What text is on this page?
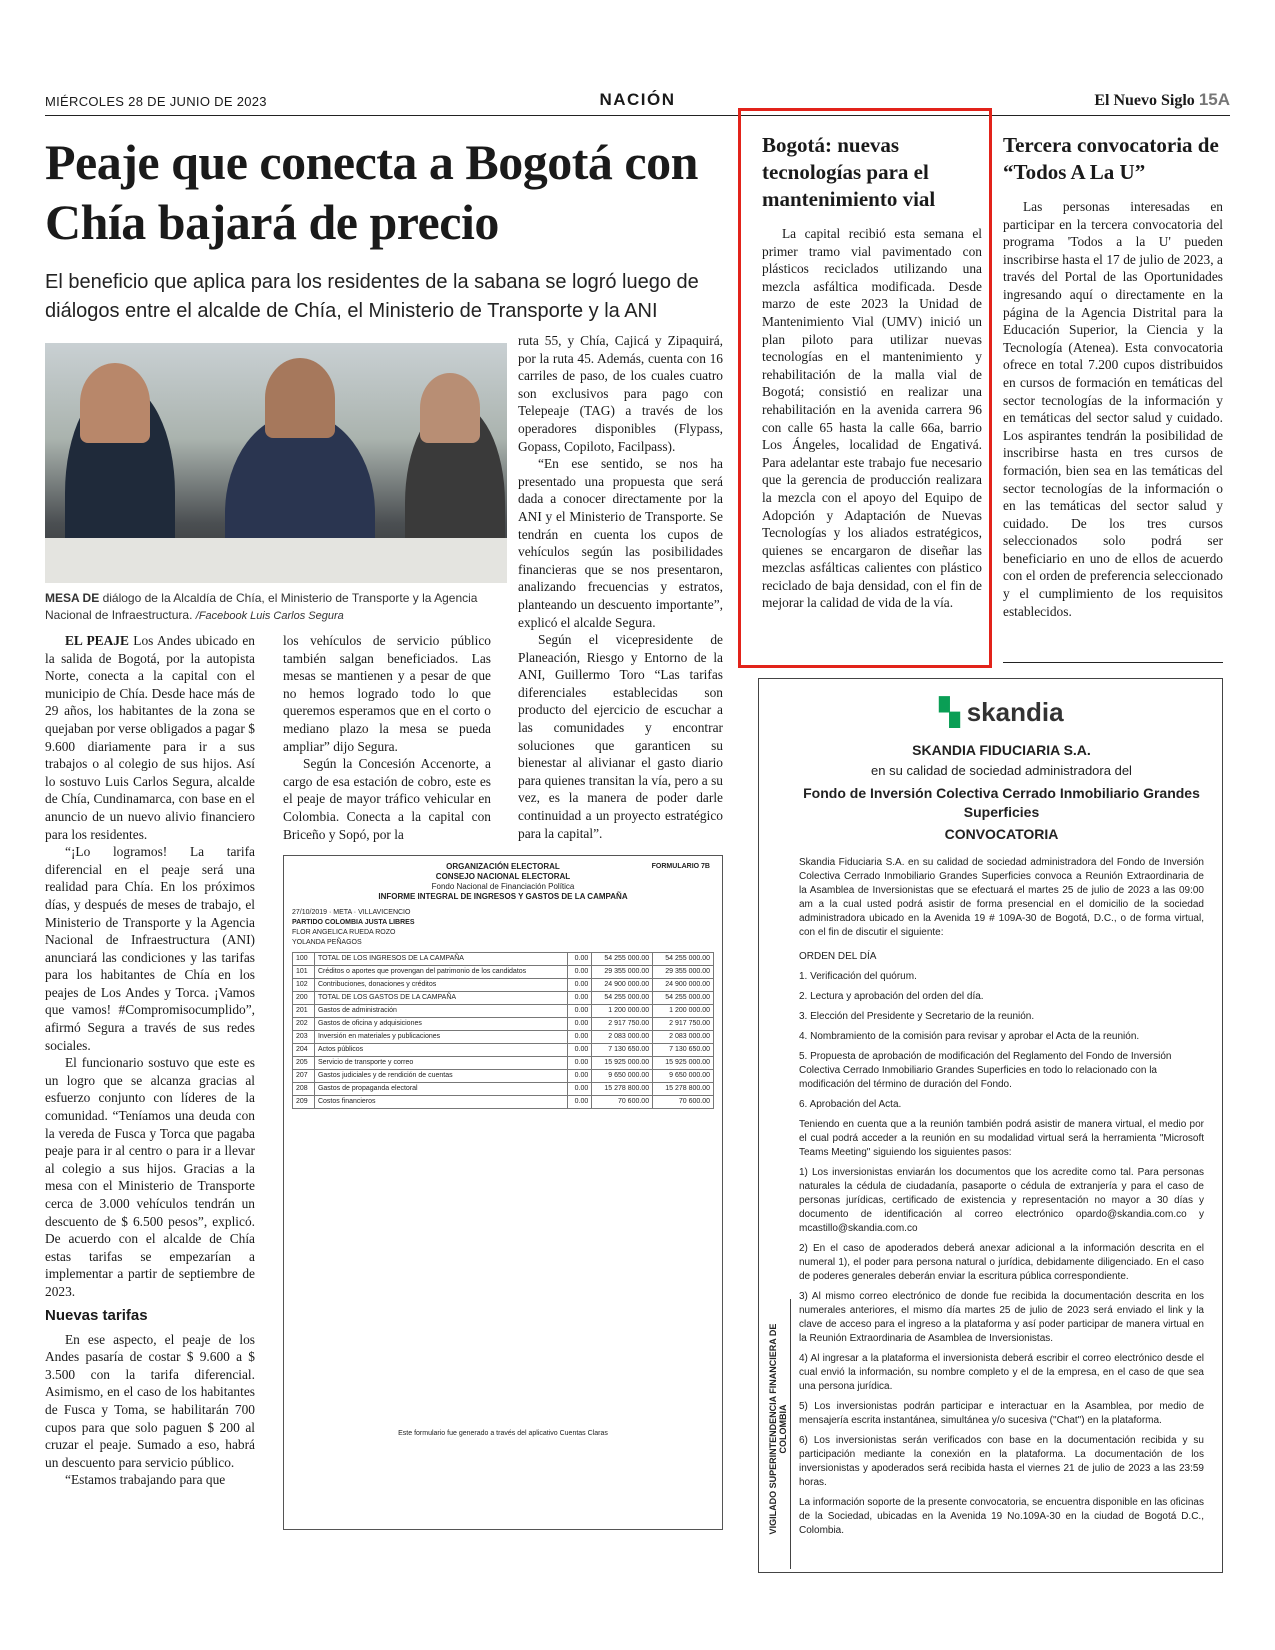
MIÉRCOLES 28 DE JUNIO DE 2023	NACIÓN	El Nuevo Siglo 15A
Peaje que conecta a Bogotá con Chía bajará de precio
El beneficio que aplica para los residentes de la sabana se logró luego de diálogos entre el alcalde de Chía, el Ministerio de Transporte y la ANI
MESA DE diálogo de la Alcaldía de Chía, el Ministerio de Transporte y la Agencia Nacional de Infraestructura. /Facebook Luis Carlos Segura

EL PEAJE Los Andes ubicado en la salida de Bogotá, por la autopista Norte, conecta a la capital con el municipio de Chía. Desde hace más de 29 años, los habitantes de la zona se quejaban por verse obligados a pagar $ 9.600 diariamente para ir a sus trabajos o al colegio de sus hijos. Así lo sostuvo Luis Carlos Segura, alcalde de Chía, Cundinamarca, con base en el anuncio de un nuevo alivio financiero para los residentes.

“¡Lo logramos! La tarifa diferencial en el peaje será una realidad para Chía. En los próximos días, y después de meses de trabajo, el Ministerio de Transporte y la Agencia Nacional de Infraestructura (ANI) anunciará las condiciones y las tarifas para los habitantes de Chía en los peajes de Los Andes y Torca. ¡Vamos que vamos! #Compromisocumplido”, afirmó Segura a través de sus redes sociales.

El funcionario sostuvo que este es un logro que se alcanza gracias al esfuerzo conjunto con líderes de la comunidad. “Teníamos una deuda con la vereda de Fusca y Torca que pagaba peaje para ir al centro o para ir a llevar al colegio a sus hijos. Gracias a la mesa con el Ministerio de Transporte cerca de 3.000 vehículos tendrán un descuento de $ 6.500 pesos”, explicó. De acuerdo con el alcalde de Chía estas tarifas se empezarían a implementar a partir de septiembre de 2023.

Nuevas tarifas

En ese aspecto, el peaje de los Andes pasaría de costar $ 9.600 a $ 3.500 con la tarifa diferencial. Asimismo, en el caso de los habitantes de Fusca y Toma, se habilitarán 700 cupos para que solo paguen $ 200 al cruzar el peaje. Sumado a eso, habrá un descuento para servicio público.

“Estamos trabajando para que

los vehículos de servicio público también salgan beneficiados. Las mesas se mantienen y a pesar de que no hemos logrado todo lo que queremos esperamos que en el corto o mediano plazo la mesa se pueda ampliar” dijo Segura.

Según la Concesión Accenorte, a cargo de esa estación de cobro, este es el peaje de mayor tráfico vehicular en Colombia. Conecta a la capital con Briceño y Sopó, por la

ruta 55, y Chía, Cajicá y Zipaquirá, por la ruta 45. Además, cuenta con 16 carriles de paso, de los cuales cuatro son exclusivos para pago con Telepeaje (TAG) a través de los operadores disponibles (Flypass, Gopass, Copiloto, Facilpass).

“En ese sentido, se nos ha presentado una propuesta que será dada a conocer directamente por la ANI y el Ministerio de Transporte. Se tendrán en cuenta los cupos de vehículos según las posibilidades financieras que se nos presentaron, analizando frecuencias y estratos, planteando un descuento importante”, explicó el alcalde Segura.

Según el vicepresidente de Planeación, Riesgo y Entorno de la ANI, Guillermo Toro “Las tarifas diferenciales establecidas son producto del ejercicio de escuchar a las comunidades y encontrar soluciones que garanticen su bienestar al alivianar el gasto diario para quienes transitan la vía, pero a su vez, es la manera de poder darle continuidad a un proyecto estratégico para la capital”.

ORGANIZACIÓN ELECTORAL
CONSEJO NACIONAL ELECTORAL
FORMULARIO 7B
Fondo Nacional de Financiación Política
INFORME INTEGRAL DE INGRESOS Y GASTOS DE LA CAMPAÑA
27/10/2019 · META · VILLAVICENCIO
PARTIDO COLOMBIA JUSTA LIBRES
FLOR ANGELICA RUEDA ROZO
YOLANDA PEÑAGOS
100	TOTAL DE LOS INGRESOS DE LA CAMPAÑA	0.00	54 255 000.00	54 255 000.00
101	Créditos o aportes que provengan del patrimonio de los candidatos	0.00	29 355 000.00	29 355 000.00
102	Contribuciones, donaciones y créditos	0.00	24 900 000.00	24 900 000.00
200	TOTAL DE LOS GASTOS DE LA CAMPAÑA	0.00	54 255 000.00	54 255 000.00
201	Gastos de administración	0.00	1 200 000.00	1 200 000.00
202	Gastos de oficina y adquisiciones	0.00	2 917 750.00	2 917 750.00
203	Inversión en materiales y publicaciones	0.00	2 083 000.00	2 083 000.00
204	Actos públicos	0.00	7 130 650.00	7 130 650.00
205	Servicio de transporte y correo	0.00	15 925 000.00	15 925 000.00
207	Gastos judiciales y de rendición de cuentas	0.00	9 650 000.00	9 650 000.00
208	Gastos de propaganda electoral	0.00	15 278 800.00	15 278 800.00
209	Costos financieros	0.00	70 600.00	70 600.00
Este formulario fue generado a través del aplicativo Cuentas Claras
Bogotá: nuevas tecnologías para el mantenimiento vial

La capital recibió esta semana el primer tramo vial pavimentado con plásticos reciclados utilizando una mezcla asfáltica modificada. Desde marzo de este 2023 la Unidad de Mantenimiento Vial (UMV) inició un plan piloto para utilizar nuevas tecnologías en el mantenimiento y rehabilitación de la malla vial de Bogotá; consistió en realizar una rehabilitación en la avenida carrera 96 con calle 65 hasta la calle 66a, barrio Los Ángeles, localidad de Engativá. Para adelantar este trabajo fue necesario que la gerencia de producción realizara la mezcla con el apoyo del Equipo de Adopción y Adaptación de Nuevas Tecnologías y los aliados estratégicos, quienes se encargaron de diseñar las mezclas asfálticas calientes con plástico reciclado de baja densidad, con el fin de mejorar la calidad de vida de la vía.

Tercera convocatoria de “Todos A La U”

Las personas interesadas en participar en la tercera convocatoria del programa 'Todos a la U' pueden inscribirse hasta el 17 de julio de 2023, a través del Portal de las Oportunidades ingresando aquí o directamente en la página de la Agencia Distrital para la Educación Superior, la Ciencia y la Tecnología (Atenea). Esta convocatoria ofrece en total 7.200 cupos distribuidos en cursos de formación en temáticas del sector tecnologías de la información y en temáticas del sector salud y cuidado. Los aspirantes tendrán la posibilidad de inscribirse hasta en tres cursos de formación, bien sea en las temáticas del sector tecnologías de la información o en las temáticas del sector salud y cuidado. De los tres cursos seleccionados solo podrá ser beneficiario en uno de ellos de acuerdo con el orden de preferencia seleccionado y el cumplimiento de los requisitos establecidos.

▚ skandia
SKANDIA FIDUCIARIA S.A.
en su calidad de sociedad administradora del
Fondo de Inversión Colectiva Cerrado Inmobiliario Grandes Superficies
CONVOCATORIA

Skandia Fiduciaria S.A. en su calidad de sociedad administradora del Fondo de Inversión Colectiva Cerrado Inmobiliario Grandes Superficies convoca a Reunión Extraordinaria de la Asamblea de Inversionistas que se efectuará el martes 25 de julio de 2023 a las 09:00 am a la cual usted podrá asistir de forma presencial en el domicilio de la sociedad administradora ubicado en la Avenida 19 # 109A-30 de Bogotá, D.C., o de forma virtual, con el fin de discutir el siguiente:

ORDEN DEL DÍA
1. Verificación del quórum.
2. Lectura y aprobación del orden del día.
3. Elección del Presidente y Secretario de la reunión.
4. Nombramiento de la comisión para revisar y aprobar el Acta de la reunión.
5. Propuesta de aprobación de modificación del Reglamento del Fondo de Inversión Colectiva Cerrado Inmobiliario Grandes Superficies en todo lo relacionado con la modificación del término de duración del Fondo.
6. Aprobación del Acta.

Teniendo en cuenta que a la reunión también podrá asistir de manera virtual, el medio por el cual podrá acceder a la reunión en su modalidad virtual será la herramienta "Microsoft Teams Meeting" siguiendo los siguientes pasos:

1) Los inversionistas enviarán los documentos que los acredite como tal. Para personas naturales la cédula de ciudadanía, pasaporte o cédula de extranjería y para el caso de personas jurídicas, certificado de existencia y representación no mayor a 30 días y documento de identificación al correo electrónico opardo@skandia.com.co y mcastillo@skandia.com.co

2) En el caso de apoderados deberá anexar adicional a la información descrita en el numeral 1), el poder para persona natural o jurídica, debidamente diligenciado. En el caso de poderes generales deberán enviar la escritura pública correspondiente.

3) Al mismo correo electrónico de donde fue recibida la documentación descrita en los numerales anteriores, el mismo día martes 25 de julio de 2023 será enviado el link y la clave de acceso para el ingreso a la plataforma y así poder participar de manera virtual en la Reunión Extraordinaria de Asamblea de Inversionistas.

4) Al ingresar a la plataforma el inversionista deberá escribir el correo electrónico desde el cual envió la información, su nombre completo y el de la empresa, en el caso de que sea una persona jurídica.

5) Los inversionistas podrán participar e interactuar en la Asamblea, por medio de mensajería escrita instantánea, simultánea y/o sucesiva ("Chat") en la plataforma.

6) Los inversionistas serán verificados con base en la documentación recibida y su participación mediante la conexión en la plataforma. La documentación de los inversionistas y apoderados será recibida hasta el viernes 21 de julio de 2023 a las 23:59 horas.

La información soporte de la presente convocatoria, se encuentra disponible en las oficinas de la Sociedad, ubicadas en la Avenida 19 No.109A-30 en la ciudad de Bogotá D.C., Colombia.

VIGILADO SUPERINTENDENCIA FINANCIERA DE COLOMBIA
